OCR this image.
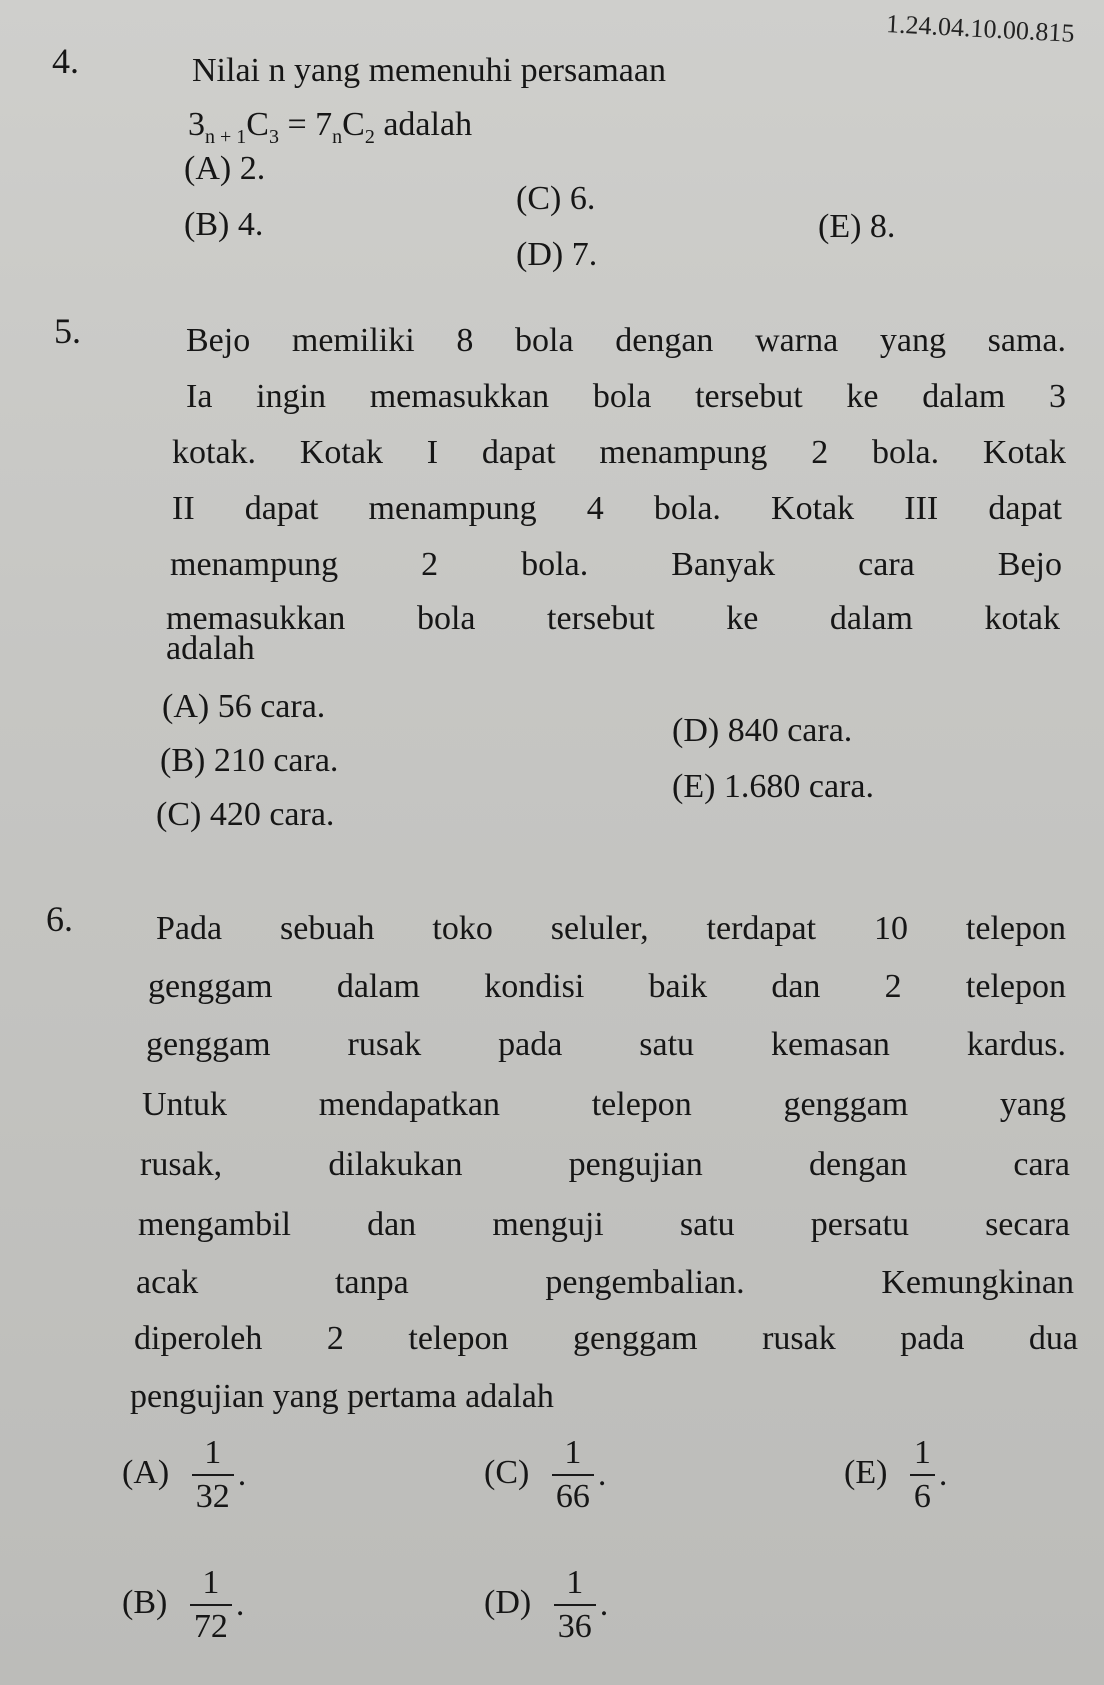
1.24.04.10.00.815
4.	Nilai n yang memenuhi persamaan
$3_{n + 1}C_3 = 7_nC_2$ adalah
(A) 2.
(B) 4.
(C) 6.
(D) 7.
(E) 8.
5.	Bejo memiliki 8 bola dengan warna yang sama.
Ia ingin memasukkan bola tersebut ke dalam 3
kotak. Kotak I dapat menampung 2 bola. Kotak
II dapat menampung 4 bola. Kotak III dapat
menampung 2 bola. Banyak cara Bejo
memasukkan bola tersebut ke dalam kotak
adalah
(A) 56 cara.
(B) 210 cara.
(C) 420 cara.
(D) 840 cara.
(E) 1.680 cara.
6. Pada sebuah toko seluler, terdapat 10 telepon
genggam dalam kondisi baik dan 2 telepon
genggam rusak pada satu kemasan kardus.
Untuk mendapatkan telepon genggam yang
rusak, dilakukan pengujian dengan cara
mengambil dan menguji satu persatu secara
acak tanpa pengembalian. Kemungkinan
diperoleh 2 telepon genggam rusak pada dua
pengujian yang pertama adalah
$(A) \frac{1}{32}$ .
$(B) \frac{1}{72}$ .
$(C) \frac{1}{66}$ .
$(D) \frac{1}{36}$ .
$(E) \frac{1}{6}$ .
